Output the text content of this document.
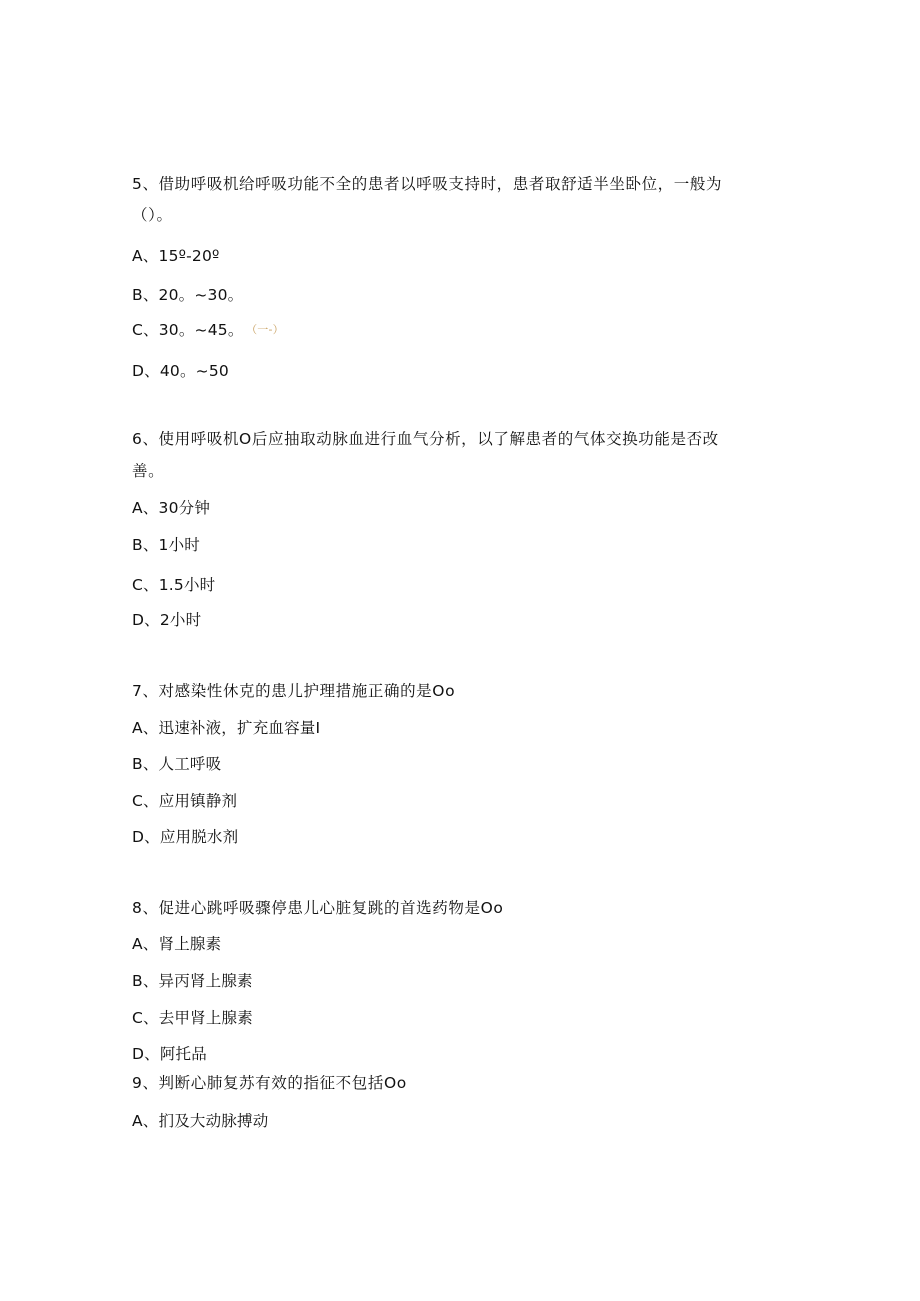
5、借助呼吸机给呼吸功能不全的患者以呼吸支持时，患者取舒适半坐卧位，一般为
（）。
A、15º-20º
B、20。~30。
C、30。~45。 （一-）
D、40。~50
6、使用呼吸机O后应抽取动脉血进行血气分析，以了解患者的气体交换功能是否改
善。
A、30分钟
B、1小时
C、1.5小时
D、2小时
7、对感染性休克的患儿护理措施正确的是Oo
A、迅速补液，扩充血容量I
B、人工呼吸
C、应用镇静剂
D、应用脱水剂
8、促进心跳呼吸骤停患儿心脏复跳的首选药物是Oo
A、肾上腺素
B、异丙肾上腺素
C、去甲肾上腺素
D、阿托品
9、判断心肺复苏有效的指征不包括Oo
A、扪及大动脉搏动
